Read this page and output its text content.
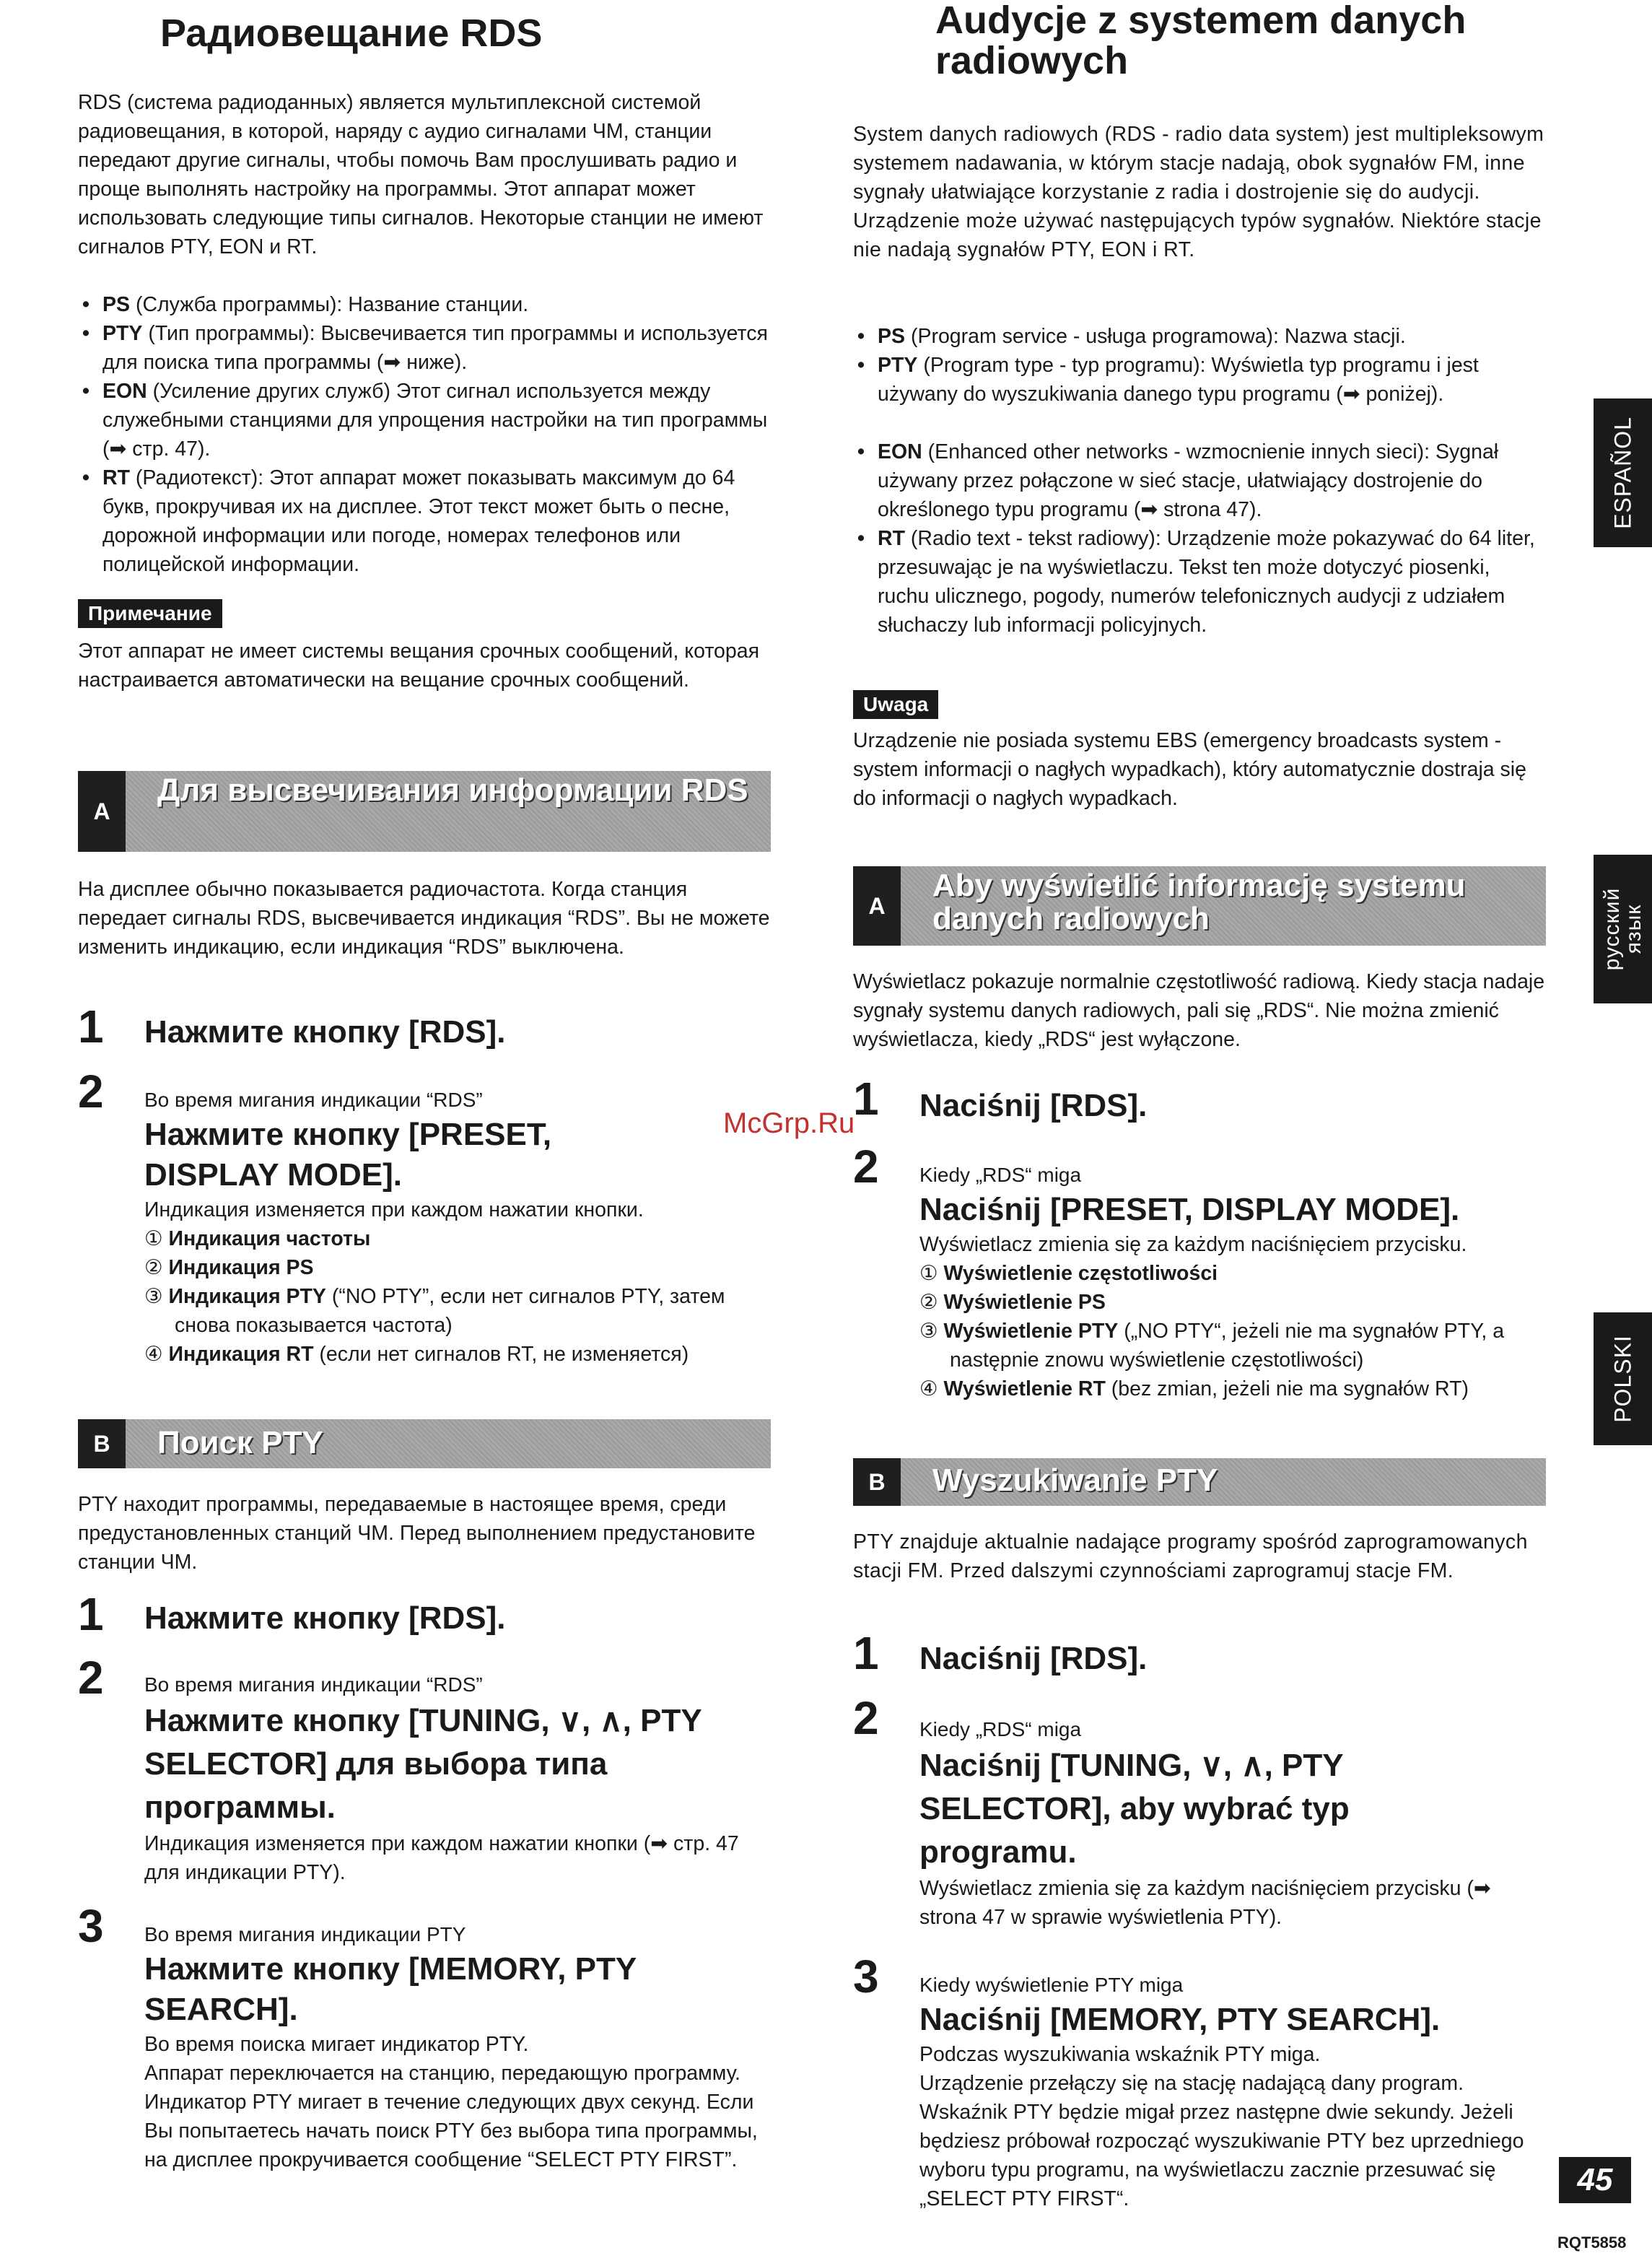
Радиовещание RDS

RDS (система радиоданных) является мультиплексной системой радиовещания, в которой, наряду с аудио сигналами ЧМ, станции передают другие сигналы, чтобы помочь Вам прослушивать радио и проще выполнять настройку на программы. Этот аппарат может использовать следующие типы сигналов. Некоторые станции не имеют сигналов PTY, EON и RT.

• PS (Служба программы): Название станции.
• PTY (Тип программы): Высвечивается тип программы и используется для поиска типа программы (➡ ниже).
• EON (Усиление других служб) Этот сигнал используется между служебными станциями для упрощения настройки на тип программы (➡ стр. 47).
• RT (Радиотекст): Этот аппарат может показывать максимум до 64 букв, прокручивая их на дисплее. Этот текст может быть о песне, дорожной информации или погоде, номерах телефонов или полицейской информации.
Примечание

Этот аппарат не имеет системы вещания срочных сообщений, которая настраивается автоматически на вещание срочных сообщений.

A
Для высвечивания информации RDS

На дисплее обычно показывается радиочастота. Когда станция передает сигналы RDS, высвечивается индикация “RDS”. Вы не можете изменить индикацию, если индикация “RDS” выключена.

1 Нажмите кнопку [RDS].
2 Во время мигания индикации “RDS”
Нажмите кнопку [PRESET, DISPLAY MODE].
Индикация изменяется при каждом нажатии кнопки.
① Индикация частоты
② Индикация PS
③ Индикация PTY (“NO PTY”, если нет сигналов PTY, затем снова показывается частота)
④ Индикация RT (если нет сигналов RT, не изменяется)
B	Поиск PTY

PTY находит программы, передаваемые в настоящее время, среди предустановленных станций ЧМ. Перед выполнением предустановите станции ЧМ.

1 Нажмите кнопку [RDS].
2 Во время мигания индикации “RDS”
Нажмите кнопку [TUNING, ∨, ∧, PTY SELECTOR] для выбора типа программы.
Индикация изменяется при каждом нажатии кнопки (➡ стр. 47 для индикации PTY).
3 Во время мигания индикации PTY
Нажмите кнопку [MEMORY, PTY SEARCH].
Во время поиска мигает индикатор PTY.
Аппарат переключается на станцию, передающую программу. Индикатор PTY мигает в течение следующих двух секунд. Если Вы попытаетесь начать поиск PTY без выбора типа программы, на дисплее прокручивается сообщение “SELECT PTY FIRST”.
Audycje z systemem danych radiowych

System danych radiowych (RDS - radio data system) jest multipleksowym systemem nadawania, w którym stacje nadają, obok sygnałów FM, inne sygnały ułatwiające korzystanie z radia i dostrojenie się do audycji. Urządzenie może używać następujących typów sygnałów. Niektóre stacje nie nadają sygnałów PTY, EON i RT.

• PS (Program service - usługa programowa): Nazwa stacji.
• PTY (Program type - typ programu): Wyświetla typ programu i jest używany do wyszukiwania danego typu programu (➡ poniżej).
• EON (Enhanced other networks - wzmocnienie innych sieci): Sygnał używany przez połączone w sieć stacje, ułatwiający dostrojenie do określonego typu programu (➡ strona 47).
• RT (Radio text - tekst radiowy): Urządzenie może pokazywać do 64 liter, przesuwając je na wyświetlaczu. Tekst ten może dotyczyć piosenki, ruchu ulicznego, pogody, numerów telefonicznych audycji z udziałem słuchaczy lub informacji policyjnych.
Uwaga

Urządzenie nie posiada systemu EBS (emergency broadcasts system - system informacji o nagłych wypadkach), który automatycznie dostraja się do informacji o nagłych wypadkach.

A
Aby wyświetlić informację systemu danych radiowych

Wyświetlacz pokazuje normalnie częstotliwość radiową. Kiedy stacja nadaje sygnały systemu danych radiowych, pali się „RDS“. Nie można zmienić wyświetlacza, kiedy „RDS“ jest wyłączone.

1 Naciśnij [RDS].
2 Kiedy „RDS“ miga
Naciśnij [PRESET, DISPLAY MODE].
Wyświetlacz zmienia się za każdym naciśnięciem przycisku.
① Wyświetlenie częstotliwości
② Wyświetlenie PS
③ Wyświetlenie PTY („NO PTY“, jeżeli nie ma sygnałów PTY, a następnie znowu wyświetlenie częstotliwości)
④ Wyświetlenie RT (bez zmian, jeżeli nie ma sygnałów RT)
B	Wyszukiwanie PTY

PTY znajduje aktualnie nadające programy spośród zaprogramowanych stacji FM. Przed dalszymi czynnościami zaprogramuj stacje FM.

1 Naciśnij [RDS].
2 Kiedy „RDS“ miga
Naciśnij [TUNING, ∨, ∧, PTY SELECTOR], aby wybrać typ programu.
Wyświetlacz zmienia się za każdym naciśnięciem przycisku (➡ strona 47 w sprawie wyświetlenia PTY).
3 Kiedy wyświetlenie PTY miga
Naciśnij [MEMORY, PTY SEARCH].
Podczas wyszukiwania wskaźnik PTY miga.
Urządzenie przełączy się na stację nadającą dany program. Wskaźnik PTY będzie migał przez następne dwie sekundy. Jeżeli będziesz próbował rozpocząć wyszukiwanie PTY bez uprzedniego wyboru typu programu, na wyświetlaczu zacznie przesuwać się „SELECT PTY FIRST“.
ESPAÑOL
русский язык
POLSKI
McGrp.Ru
45
RQT5858
